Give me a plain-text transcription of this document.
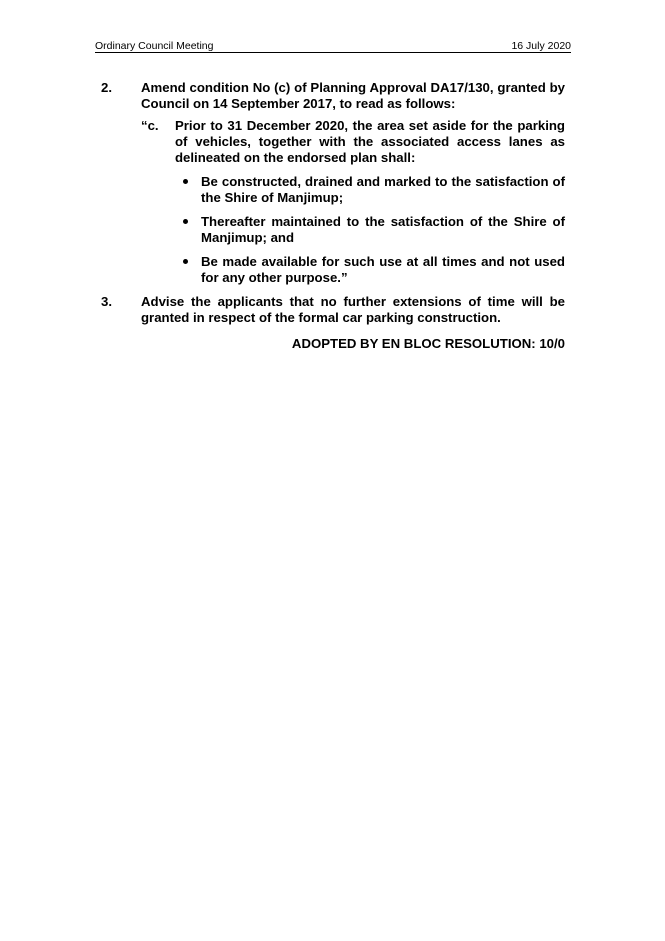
Ordinary Council Meeting	16 July 2020
2. Amend condition No (c) of Planning Approval DA17/130, granted by Council on 14 September 2017, to read as follows:
“c. Prior to 31 December 2020, the area set aside for the parking of vehicles, together with the associated access lanes as delineated on the endorsed plan shall:
Be constructed, drained and marked to the satisfaction of the Shire of Manjimup;
Thereafter maintained to the satisfaction of the Shire of Manjimup; and
Be made available for such use at all times and not used for any other purpose.”
3. Advise the applicants that no further extensions of time will be granted in respect of the formal car parking construction.
ADOPTED BY EN BLOC RESOLUTION: 10/0
